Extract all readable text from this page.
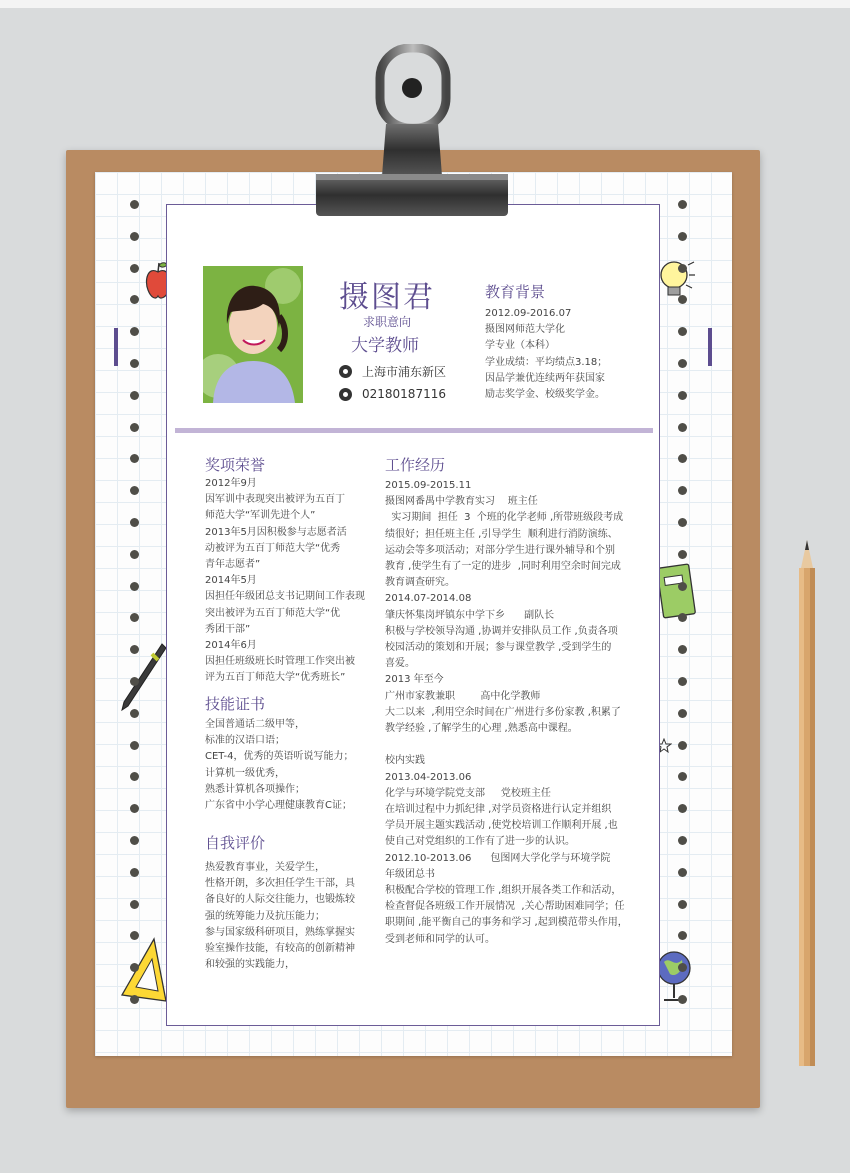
摄图君
求职意向
大学教师
上海市浦东新区
02180187116
教育背景
2012.09-2016.07
摄图网师范大学化
学专业（本科）
学业成绩：平均绩点3.18；
因品学兼优连续两年获国家
励志奖学金、校级奖学金。
奖项荣誉
2012年9月
因军训中表现突出被评为五百丁
师范大学“军训先进个人”
2013年5月因积极参与志愿者活
动被评为五百丁师范大学“优秀
青年志愿者”
2014年5月
因担任年级团总支书记期间工作表现
突出被评为五百丁师范大学“优
秀团干部”
2014年6月
因担任班级班长时管理工作突出被
评为五百丁师范大学“优秀班长”
技能证书
全国普通话二级甲等，
标准的汉语口语；
CET-4，优秀的英语听说写能力；
计算机一级优秀，
熟悉计算机各项操作；
广东省中小学心理健康教育C证；
自我评价
热爱教育事业，关爱学生，
性格开朗，多次担任学生干部，具
备良好的人际交往能力，也锻炼较
强的统筹能力及抗压能力；
参与国家级科研项目，熟练掌握实
验室操作技能，有较高的创新精神
和较强的实践能力，
工作经历
2015.09-2015.11
摄图网番禺中学教育实习    班主任
实习期间  担任  3  个班的化学老师 ,所带班级段考成
绩很好；担任班主任 ,引导学生  顺利进行消防演练、
运动会等多项活动；对部分学生进行课外辅导和个别
教育 ,使学生有了一定的进步  ,同时利用空余时间完成
教育调查研究。
2014.07-2014.08
肇庆怀集岗坪镇东中学下乡      副队长
积极与学校领导沟通 ,协调并安排队员工作 ,负责各项
校园活动的策划和开展；参与课堂教学 ,受到学生的
喜爱。
2013 年至今
广州市家教兼职        高中化学教师
大二以来  ,利用空余时间在广州进行多份家教 ,积累了
教学经验 ,了解学生的心理 ,熟悉高中课程。

校内实践
2013.04-2013.06
化学与环境学院党支部     党校班主任
在培训过程中力抓纪律 ,对学员资格进行认定并组织
学员开展主题实践活动 ,使党校培训工作顺利开展 ,也
使自己对党组织的工作有了进一步的认识。
2012.10-2013.06      包图网大学化学与环境学院
年级团总书
积极配合学校的管理工作 ,组织开展各类工作和活动，
检查督促各班级工作开展情况  ,关心帮助困难同学；任
职期间 ,能平衡自己的事务和学习 ,起到模范带头作用，
受到老师和同学的认可。
